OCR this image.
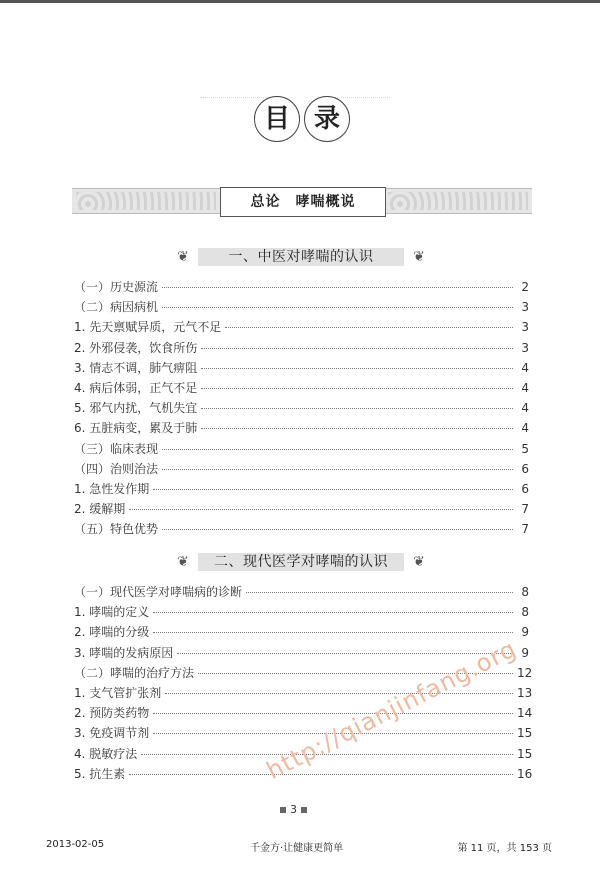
目 录
总论　哮喘概说
❦	❦
一、中医对哮喘的认识
（一）历史源流	2
（二）病因病机	3
1. 先天禀赋异质，元气不足	3
2. 外邪侵袭，饮食所伤	3
3. 情志不调，肺气痹阻	4
4. 病后体弱，正气不足	4
5. 邪气内扰，气机失宜	4
6. 五脏病变，累及于肺	4
（三）临床表现	5
（四）治则治法	6
1. 急性发作期	6
2. 缓解期	7
（五）特色优势	7
❦	❦
二、现代医学对哮喘的认识
（一）现代医学对哮喘病的诊断	8
1. 哮喘的定义	8
2. 哮喘的分级	9
3. 哮喘的发病原因	9
（二）哮喘的治疗方法	12
1. 支气管扩张剂	13
2. 预防类药物	14
3. 免疫调节剂	15
4. 脱敏疗法	15
5. 抗生素	16
http://qianjinfang.org
3
2013-02-05	千金方·让健康更简单	第 11 页，共 153 页
